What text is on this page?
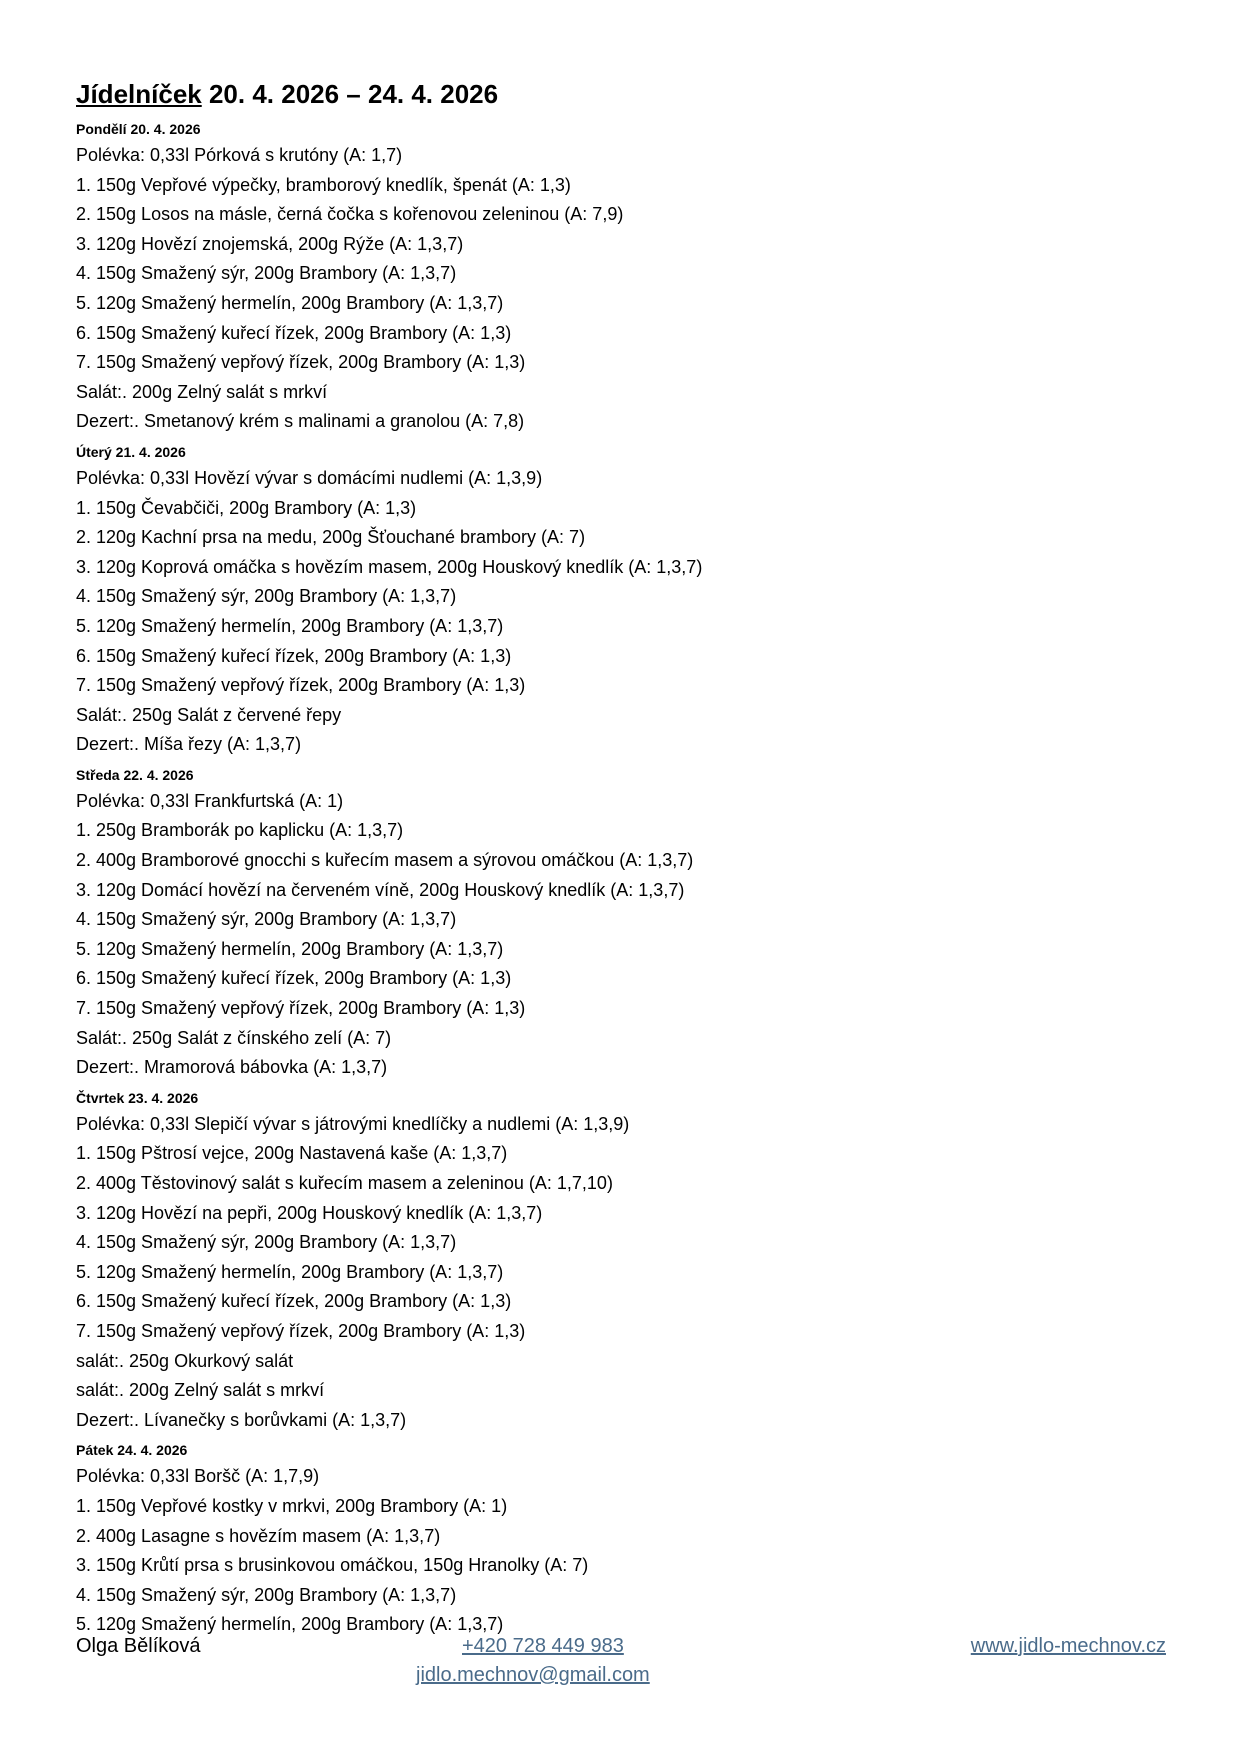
Jídelníček 20. 4. 2026 – 24. 4. 2026
Pondělí 20. 4. 2026
Polévka: 0,33l Pórková s krutóny (A: 1,7)
1. 150g Vepřové výpečky, bramborový knedlík, špenát (A: 1,3)
2. 150g Losos na másle, černá čočka s kořenovou zeleninou (A: 7,9)
3. 120g Hovězí znojemská, 200g Rýže (A: 1,3,7)
4. 150g Smažený sýr, 200g Brambory (A: 1,3,7)
5. 120g Smažený hermelín, 200g Brambory (A: 1,3,7)
6. 150g Smažený kuřecí řízek, 200g Brambory (A: 1,3)
7. 150g Smažený vepřový řízek, 200g Brambory (A: 1,3)
Salát:. 200g Zelný salát s mrkví
Dezert:. Smetanový krém s malinami a granolou (A: 7,8)
Úterý 21. 4. 2026
Polévka: 0,33l Hovězí vývar s domácími nudlemi (A: 1,3,9)
1. 150g Čevabčiči, 200g Brambory (A: 1,3)
2. 120g Kachní prsa na medu, 200g Šťouchané brambory (A: 7)
3. 120g Koprová omáčka s hovězím masem, 200g Houskový knedlík (A: 1,3,7)
4. 150g Smažený sýr, 200g Brambory (A: 1,3,7)
5. 120g Smažený hermelín, 200g Brambory (A: 1,3,7)
6. 150g Smažený kuřecí řízek, 200g Brambory (A: 1,3)
7. 150g Smažený vepřový řízek, 200g Brambory (A: 1,3)
Salát:. 250g Salát z červené řepy
Dezert:. Míša řezy (A: 1,3,7)
Středa 22. 4. 2026
Polévka: 0,33l Frankfurtská (A: 1)
1. 250g Bramborák po kaplicku (A: 1,3,7)
2. 400g Bramborové gnocchi s kuřecím masem a sýrovou omáčkou (A: 1,3,7)
3. 120g Domácí hovězí na červeném víně, 200g Houskový knedlík (A: 1,3,7)
4. 150g Smažený sýr, 200g Brambory (A: 1,3,7)
5. 120g Smažený hermelín, 200g Brambory (A: 1,3,7)
6. 150g Smažený kuřecí řízek, 200g Brambory (A: 1,3)
7. 150g Smažený vepřový řízek, 200g Brambory (A: 1,3)
Salát:. 250g Salát z čínského zelí (A: 7)
Dezert:. Mramorová bábovka (A: 1,3,7)
Čtvrtek 23. 4. 2026
Polévka: 0,33l Slepičí vývar s játrovými knedlíčky a nudlemi (A: 1,3,9)
1. 150g Pštrosí vejce, 200g Nastavená kaše (A: 1,3,7)
2. 400g Těstovinový salát s kuřecím masem a zeleninou (A: 1,7,10)
3. 120g Hovězí na pepři, 200g Houskový knedlík (A: 1,3,7)
4. 150g Smažený sýr, 200g Brambory (A: 1,3,7)
5. 120g Smažený hermelín, 200g Brambory (A: 1,3,7)
6. 150g Smažený kuřecí řízek, 200g Brambory (A: 1,3)
7. 150g Smažený vepřový řízek, 200g Brambory (A: 1,3)
salát:. 250g Okurkový salát
salát:. 200g Zelný salát s mrkví
Dezert:. Lívanečky s borůvkami (A: 1,3,7)
Pátek 24. 4. 2026
Polévka: 0,33l Boršč (A: 1,7,9)
1. 150g Vepřové kostky v mrkvi, 200g Brambory (A: 1)
2. 400g Lasagne s hovězím masem (A: 1,3,7)
3. 150g Krůtí prsa s brusinkovou omáčkou, 150g Hranolky (A: 7)
4. 150g Smažený sýr, 200g Brambory (A: 1,3,7)
5. 120g Smažený hermelín, 200g Brambory (A: 1,3,7)
Olga Bělíková	+420 728 449 983
jidlo.mechnov@gmail.com
www.jidlo-mechnov.cz
